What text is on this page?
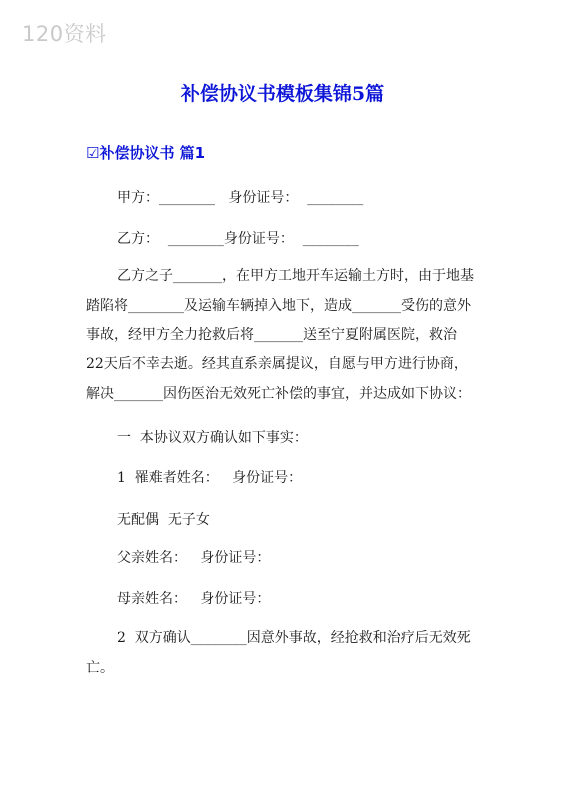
120资料
补偿协议书模板集锦5篇
☑补偿协议书 篇1
甲方：________   身份证号：  ________
乙方：  ________身份证号：  ________
乙方之子_______，在甲方工地开车运输土方时，由于地基
踏陷将________及运输车辆掉入地下，造成_______受伤的意外
事故，经甲方全力抢救后将_______送至宁夏附属医院，救治
22天后不幸去逝。经其直系亲属提议，自愿与甲方进行协商，
解决_______因伤医治无效死亡补偿的事宜，并达成如下协议：
一  本协议双方确认如下事实：
1  罹难者姓名：   身份证号：
无配偶  无子女
父亲姓名：   身份证号：
母亲姓名：   身份证号：
2  双方确认________因意外事故，经抢救和治疗后无效死
亡。
